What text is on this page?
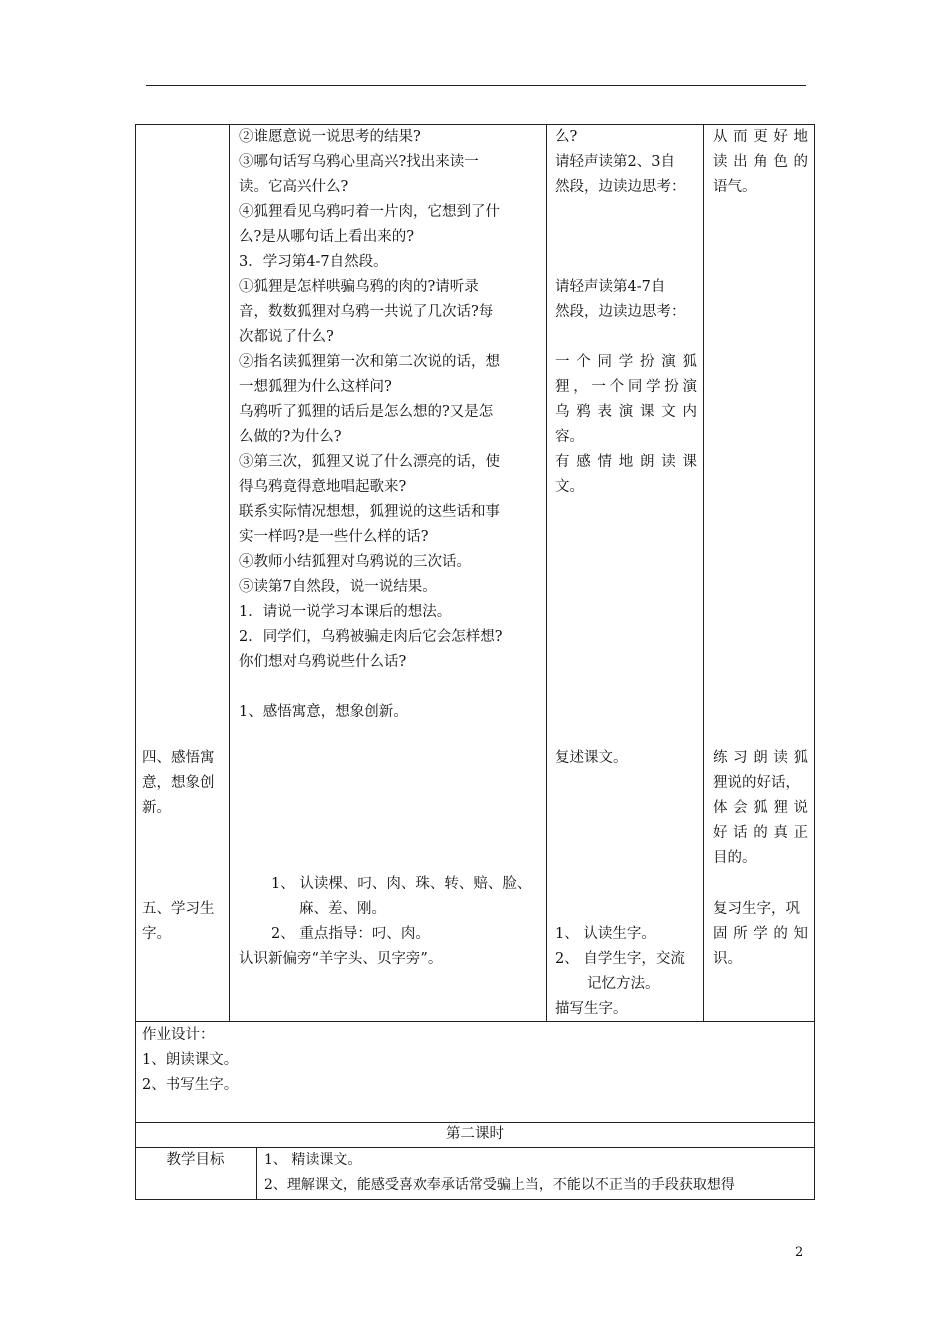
四、感悟寓
意，想象创
新。
五、学习生
字。
②谁愿意说一说思考的结果?
③哪句话写乌鸦心里高兴?找出来读一
读。它高兴什么?
④狐狸看见乌鸦叼着一片肉，它想到了什
么?是从哪句话上看出来的?
3．学习第4-7自然段。
①狐狸是怎样哄骗乌鸦的肉的?请听录
音，数数狐狸对乌鸦一共说了几次话?每
次都说了什么?
②指名读狐狸第一次和第二次说的话，想
一想狐狸为什么这样问?
乌鸦听了狐狸的话后是怎么想的?又是怎
么做的?为什么?
③第三次，狐狸又说了什么漂亮的话，使
得乌鸦竟得意地唱起歌来?
联系实际情况想想，狐狸说的这些话和事
实一样吗?是一些什么样的话?
④教师小结狐狸对乌鸦说的三次话。
⑤读第7自然段，说一说结果。
1．请说一说学习本课后的想法。
2．同学们，乌鸦被骗走肉后它会怎样想?
你们想对乌鸦说些什么话?
1、感悟寓意，想象创新。
1、 认读棵、叼、肉、珠、转、赔、脸、
麻、差、刚。
2、 重点指导：叼、肉。
认识新偏旁“羊字头、贝字旁”。
么?
请轻声读第2、3自
然段，边读边思考：
请轻声读第4-7自
然段，边读边思考：
一个同学扮演狐
狸，一个同学扮演
乌鸦表演课文内
容。
有感情地朗读课
文。
复述课文。
1、 认读生字。
2、 自学生字，交流
记忆方法。
描写生字。
从而更好地
读出角色的
语气。
练习朗读狐
狸说的好话，
体会狐狸说
好话的真正
目的。
复习生字，巩
固所学的知
识。
作业设计：
1、朗读课文。
2、书写生字。
第二课时
教学目标	1、 精读课文。
2、理解课文，能感受喜欢奉承话常受骗上当，不能以不正当的手段获取想得
2
